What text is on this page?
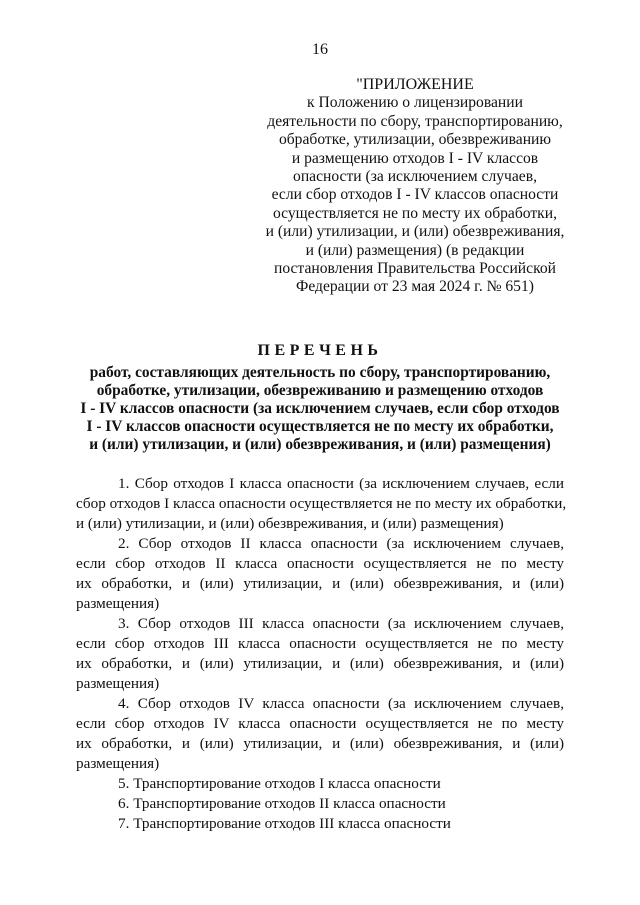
16
"ПРИЛОЖЕНИЕ
к Положению о лицензировании
деятельности по сбору, транспортированию,
обработке, утилизации, обезвреживанию
и размещению отходов I - IV классов
опасности (за исключением случаев,
если сбор отходов I - IV классов опасности
осуществляется не по месту их обработки,
и (или) утилизации, и (или) обезвреживания,
и (или) размещения) (в редакции
постановления Правительства Российской
Федерации от 23 мая 2024 г. № 651)
ПЕРЕЧЕНЬ
работ, составляющих деятельность по сбору, транспортированию,
обработке, утилизации, обезвреживанию и размещению отходов
I - IV классов опасности (за исключением случаев, если сбор отходов
I - IV классов опасности осуществляется не по месту их обработки,
и (или) утилизации, и (или) обезвреживания, и (или) размещения)
1. Сбор отходов I класса опасности (за исключением случаев, если
сбор отходов I класса опасности осуществляется не по месту их обработки,
и (или) утилизации, и (или) обезвреживания, и (или) размещения)
2. Сбор отходов II класса опасности (за исключением случаев,
если сбор отходов II класса опасности осуществляется не по месту
их обработки, и (или) утилизации, и (или) обезвреживания, и (или)
размещения)
3. Сбор отходов III класса опасности (за исключением случаев,
если сбор отходов III класса опасности осуществляется не по месту
их обработки, и (или) утилизации, и (или) обезвреживания, и (или)
размещения)
4. Сбор отходов IV класса опасности (за исключением случаев,
если сбор отходов IV класса опасности осуществляется не по месту
их обработки, и (или) утилизации, и (или) обезвреживания, и (или)
размещения)
5. Транспортирование отходов I класса опасности
6. Транспортирование отходов II класса опасности
7. Транспортирование отходов III класса опасности
